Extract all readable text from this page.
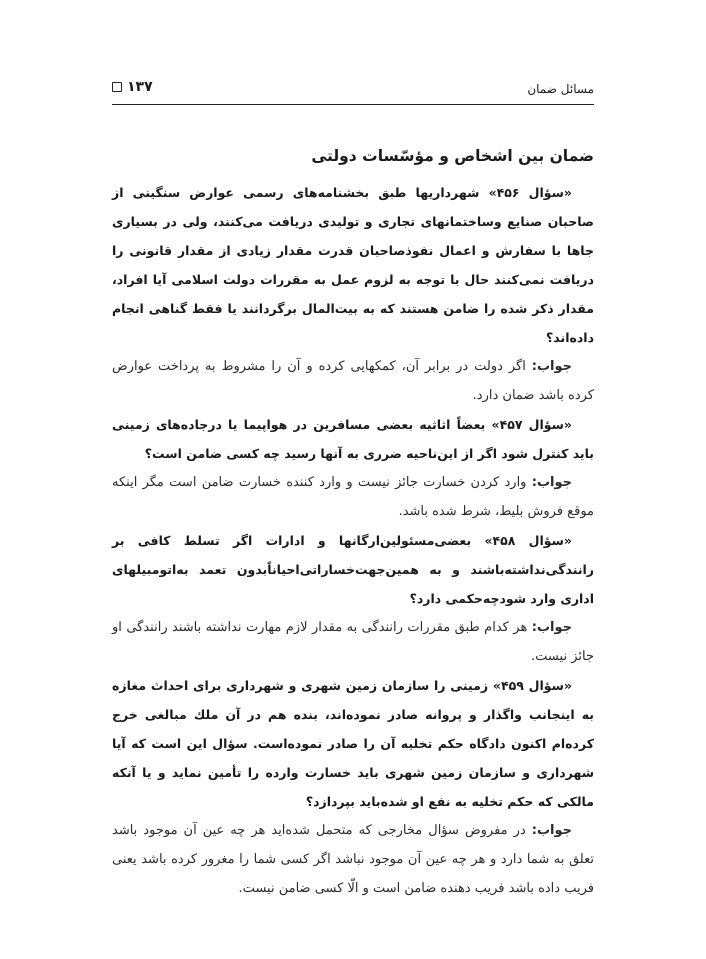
مسائل ضمان
١٣٧
ضمان بين اشخاص و مؤسّسات دولتى

«سؤال ۴۵۶» شهرداريها طبق بخشنامه‌هاى رسمى عوارض سنگينى از صاحبان صنايع وساختمانهاى تجارى و توليدى دريافت مى‌كنند، ولى در بسيارى جاها با سفارش و اعمال نفوذصاحبان قدرت مقدار زيادى از مقدار قانونى را دريافت نمى‌كنند حال با توجه به لزوم عمل به مقررات دولت اسلامى آيا افراد، مقدار ذكر شده را ضامن هستند كه به بيت‌المال برگردانند يا فقط گناهى انجام داده‌اند؟

جواب: اگر دولت در برابر آن، كمكهايى كرده و آن را مشروط به پرداخت عوارض كرده باشد ضمان دارد.

«سؤال ۴۵۷» بعضاً اثاثيه بعضى مسافرين در هواپيما يا درجاده‌هاى زمينى بايد كنترل شود اگر از اين‌ناحيه ضررى به آنها رسيد چه كسى ضامن است؟

جواب: وارد كردن خسارت جائز نيست و وارد كننده خسارت ضامن است مگر اينكه موقع فروش بليط، شرط شده باشد.

«سؤال ۴۵۸» بعضى‌مسئولين‌ارگانها و ادارات اگر تسلط كافى بر رانندگى‌نداشته‌باشند و به همين‌جهت‌خساراتى‌احياناً‌بدون تعمد به‌اتومبيلهاى ادارى وارد شود‌چه‌حكمى دارد؟

جواب: هر كدام طبق مقررات رانندگى به مقدار لازم مهارت نداشته باشند رانندگى او جائز نيست.

«سؤال ۴۵۹» زمينى را سازمان زمين شهرى و شهردارى براى احداث مغازه به اينجانب واگذار و پروانه صادر نموده‌اند، بنده هم در آن ملك مبالغى خرج كرده‌ام اكنون دادگاه حكم تخليه آن را صادر نموده‌است. سؤال اين است كه آيا شهردارى و سازمان زمين شهرى بايد خسارت وارده را تأمين نمايد و يا آنكه مالكى كه حكم تخليه به نفع او شده‌بايد بپردازد؟

جواب: در مفروض سؤال مخارجى كه متحمل شده‌ايد هر چه عين آن موجود باشد تعلق به شما دارد و هر چه عين آن موجود نباشد اگر كسى شما را مغرور كرده باشد يعنى فريب داده باشد فريب دهنده ضامن است و الّا كسى ضامن نيست.
